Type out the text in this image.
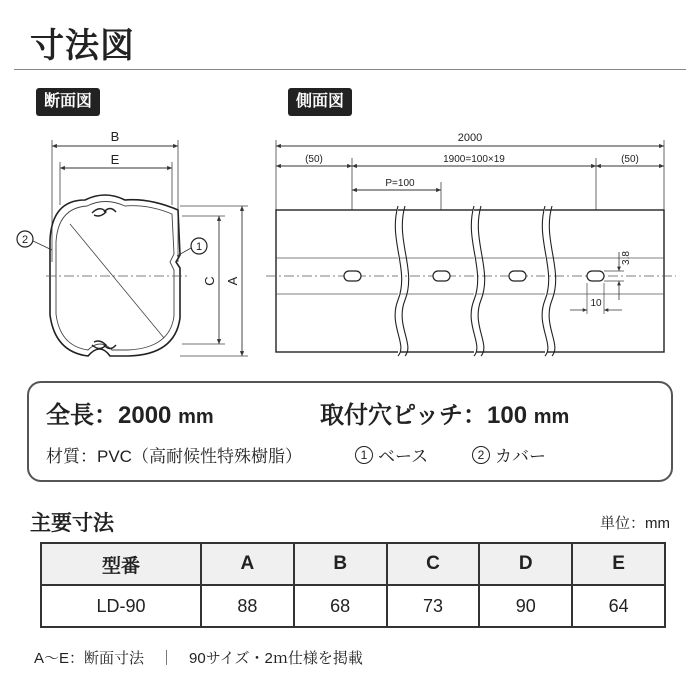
寸法図
断面図	側面図
B
E
C A
2
1
2000
(50)	1900=100×19	(50)
P=100
3.8
10
全長：2000 mm	取付穴ピッチ：100 mm
材質：PVC（高耐候性特殊樹脂）	1 ベース	2 カバー
主要寸法	単位：mm
型番	A	B	C	D	E
LD-90	88	68	73	90	64
A～E：断面寸法　｜　90サイズ・2ｍ仕様を掲載
